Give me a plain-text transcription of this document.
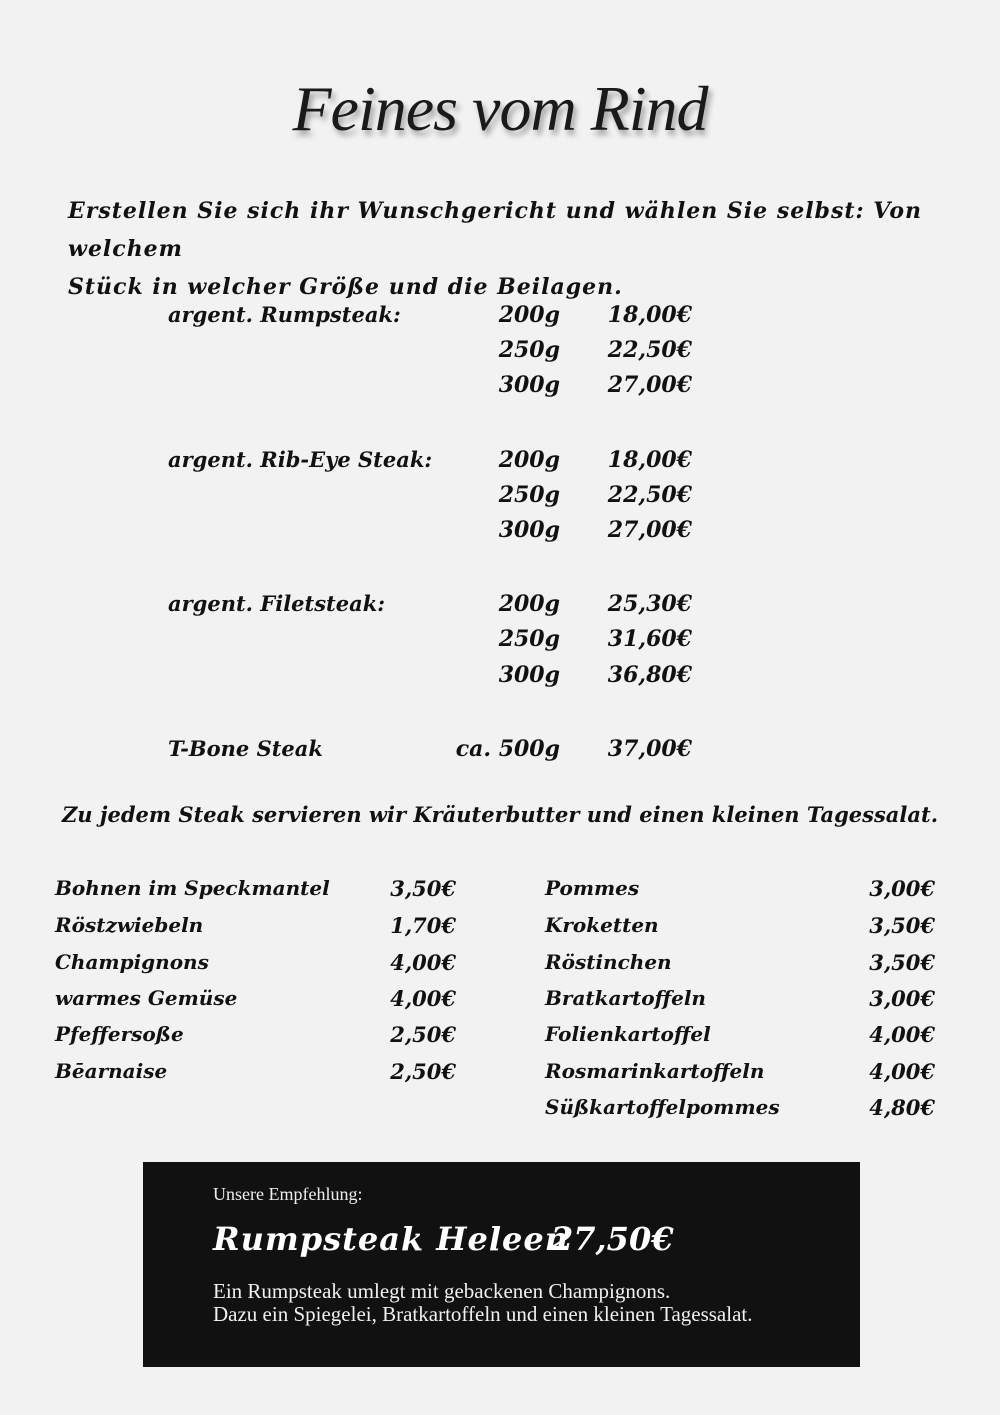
Feines vom Rind
Erstellen Sie sich ihr Wunschgericht und wählen Sie selbst: Von welchem
Stück in welcher Größe und die Beilagen.
argent. Rumpsteak:	200g 18,00€
250g 22,50€
300g 27,00€
argent. Rib-Eye Steak:	200g 18,00€
250g 22,50€
300g 27,00€
argent. Filetsteak:	200g 25,30€
250g 31,60€
300g 36,80€
T-Bone Steak	ca. 500g 37,00€
Zu jedem Steak servieren wir Kräuterbutter und einen kleinen Tagessalat.
Bohnen im Speckmantel	3,50€
Röstzwiebeln	1,70€
Champignons	4,00€
warmes Gemüse	4,00€
Pfeffersoße	2,50€
Bēarnaise	2,50€
Pommes	3,00€
Kroketten	3,50€
Röstinchen	3,50€
Bratkartoffeln	3,00€
Folienkartoffel	4,00€
Rosmarinkartoffeln	4,00€
Süßkartoffelpommes	4,80€
Unsere Empfehlung:
Rumpsteak Heleen
27,50€
Ein Rumpsteak umlegt mit gebackenen Champignons.
Dazu ein Spiegelei, Bratkartoffeln und einen kleinen Tagessalat.
